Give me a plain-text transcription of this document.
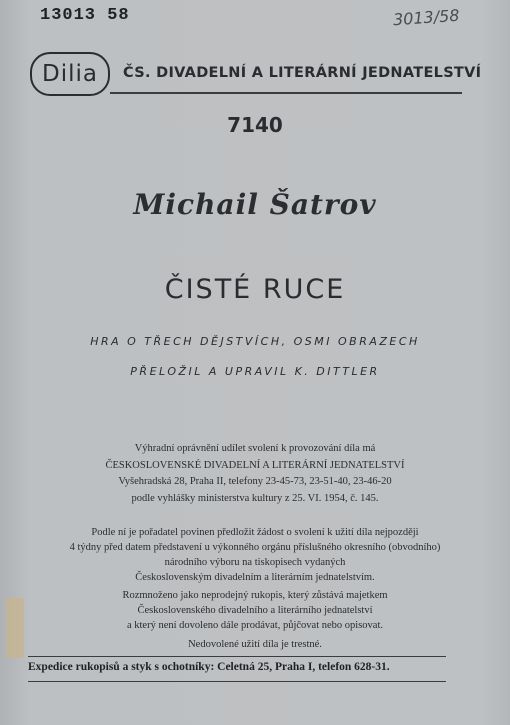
13013 58	3013/58
Dilia ČS. DIVADELNÍ A LITERÁRNÍ JEDNATELSTVÍ
7140
Michail Šatrov
ČISTÉ RUCE
HRA O TŘECH DĚJSTVÍCH, OSMI OBRAZECH
PŘELOŽIL A UPRAVIL K. DITTLER
Výhradní oprávnění udílet svolení k provozování díla má
ČESKOSLOVENSKÉ DIVADELNÍ A LITERÁRNÍ JEDNATELSTVÍ
Vyšehradská 28, Praha II, telefony 23-45-73, 23-51-40, 23-46-20
podle vyhlášky ministerstva kultury z 25. VI. 1954, č. 145.
Podle ní je pořadatel povinen předložit žádost o svolení k užití díla nejpozději
4 týdny před datem představení u výkonného orgánu příslušného okresního (obvodního)
národního výboru na tiskopisech vydaných
Československým divadelním a literárním jednatelstvím.
Rozmnoženo jako neprodejný rukopis, který zůstává majetkem
Československého divadelního a literárního jednatelství
a který není dovoleno dále prodávat, půjčovat nebo opisovat.
Nedovolené užití díla je trestné.
Expedice rukopisů a styk s ochotníky: Celetná 25, Praha I, telefon 628-31.
